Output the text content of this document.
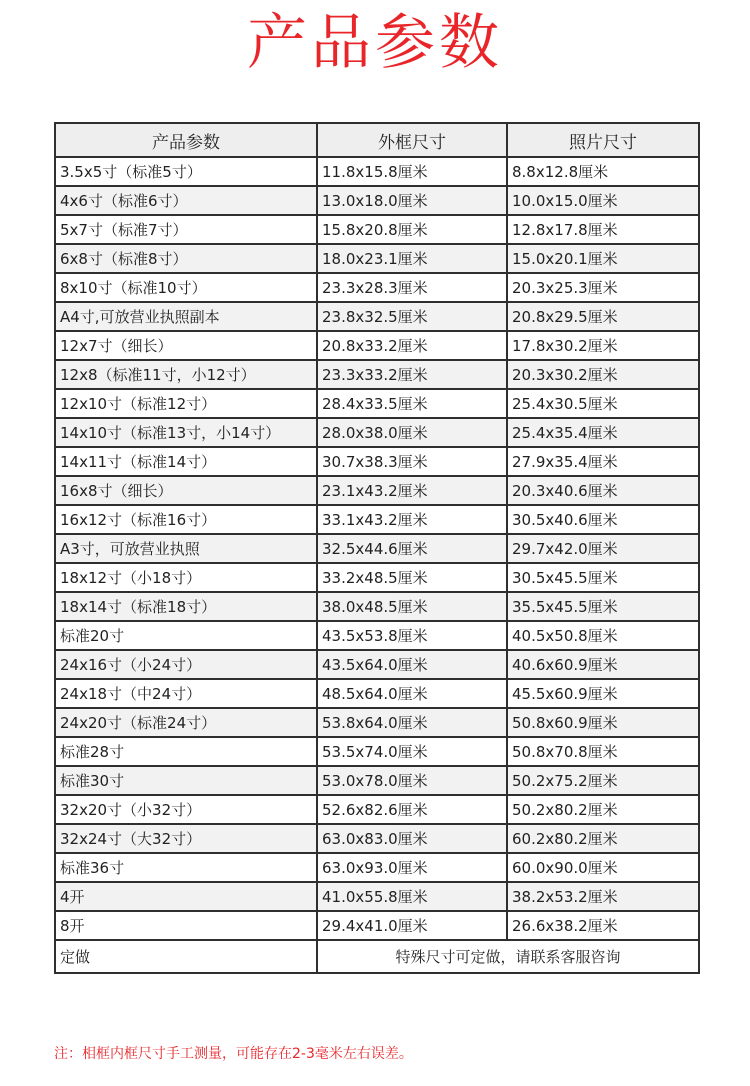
产品参数
产品参数	外框尺寸	照片尺寸
3.5x5寸（标准5寸）	11.8x15.8厘米	8.8x12.8厘米
4x6寸（标准6寸）	13.0x18.0厘米	10.0x15.0厘米
5x7寸（标准7寸）	15.8x20.8厘米	12.8x17.8厘米
6x8寸（标准8寸）	18.0x23.1厘米	15.0x20.1厘米
8x10寸（标准10寸）	23.3x28.3厘米	20.3x25.3厘米
A4寸,可放营业执照副本	23.8x32.5厘米	20.8x29.5厘米
12x7寸（细长）	20.8x33.2厘米	17.8x30.2厘米
12x8（标准11寸，小12寸）	23.3x33.2厘米	20.3x30.2厘米
12x10寸（标准12寸）	28.4x33.5厘米	25.4x30.5厘米
14x10寸（标准13寸，小14寸）	28.0x38.0厘米	25.4x35.4厘米
14x11寸（标准14寸）	30.7x38.3厘米	27.9x35.4厘米
16x8寸（细长）	23.1x43.2厘米	20.3x40.6厘米
16x12寸（标准16寸）	33.1x43.2厘米	30.5x40.6厘米
A3寸，可放营业执照	32.5x44.6厘米	29.7x42.0厘米
18x12寸（小18寸）	33.2x48.5厘米	30.5x45.5厘米
18x14寸（标准18寸）	38.0x48.5厘米	35.5x45.5厘米
标准20寸	43.5x53.8厘米	40.5x50.8厘米
24x16寸（小24寸）	43.5x64.0厘米	40.6x60.9厘米
24x18寸（中24寸）	48.5x64.0厘米	45.5x60.9厘米
24x20寸（标准24寸）	53.8x64.0厘米	50.8x60.9厘米
标准28寸	53.5x74.0厘米	50.8x70.8厘米
标准30寸	53.0x78.0厘米	50.2x75.2厘米
32x20寸（小32寸）	52.6x82.6厘米	50.2x80.2厘米
32x24寸（大32寸）	63.0x83.0厘米	60.2x80.2厘米
标准36寸	63.0x93.0厘米	60.0x90.0厘米
4开	41.0x55.8厘米	38.2x53.2厘米
8开	29.4x41.0厘米	26.6x38.2厘米
定做	特殊尺寸可定做，请联系客服咨询	
注：相框内框尺寸手工测量，可能存在2-3毫米左右误差。
